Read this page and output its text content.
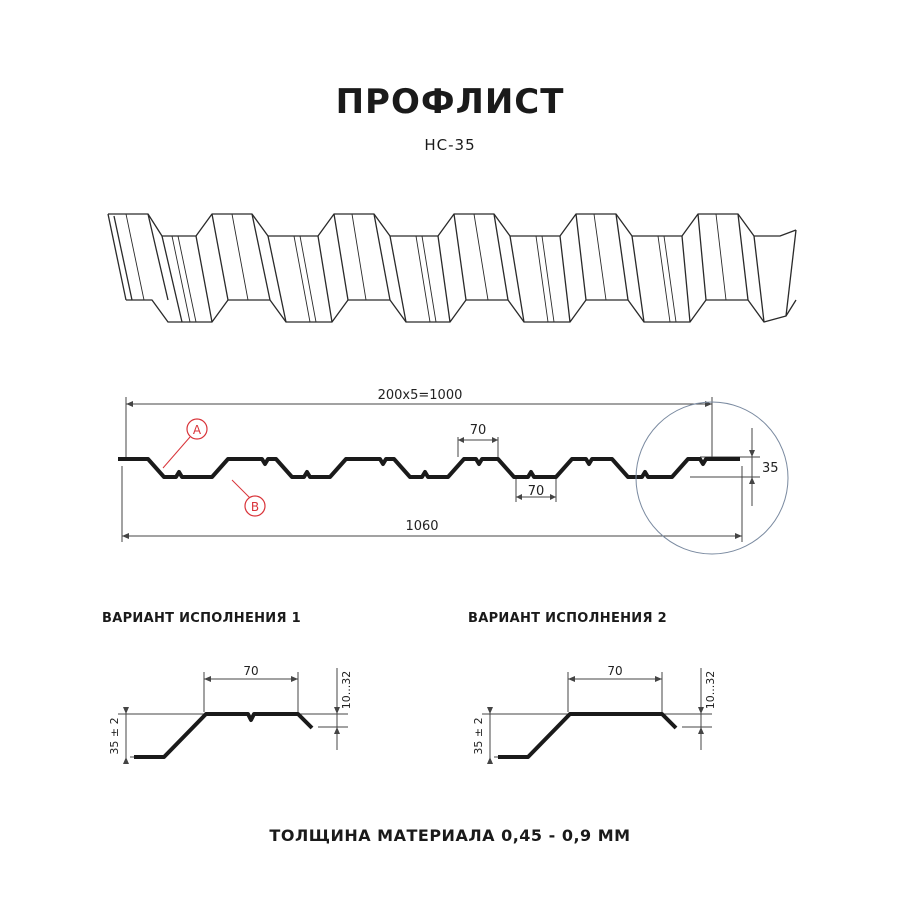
ПРОФЛИСТ
НС-35
A
B
200x5=1000
1060
70
70
35
ВАРИАНТ ИСПОЛНЕНИЯ 1	ВАРИАНТ ИСПОЛНЕНИЯ 2
70
35 ± 2
10...32	70
35 ± 2
10...32
ТОЛЩИНА МАТЕРИАЛА 0,45 - 0,9 ММ
